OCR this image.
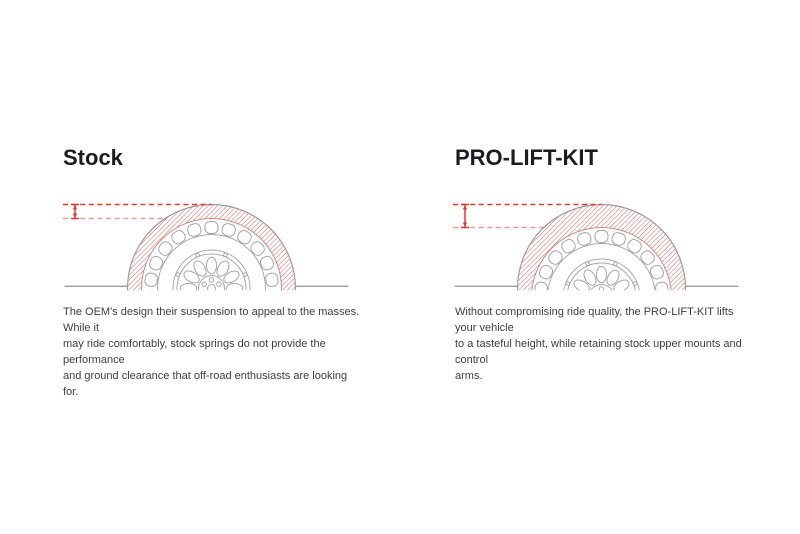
Stock	PRO-LIFT-KIT

The OEM's design their suspension to appeal to the masses. While it
may ride comfortably, stock springs do not provide the performance
and ground clearance that off-road enthusiasts are looking for.

Without compromising ride quality, the PRO-LIFT-KIT lifts your vehicle
to a tasteful height, while retaining stock upper mounts and control
arms.
